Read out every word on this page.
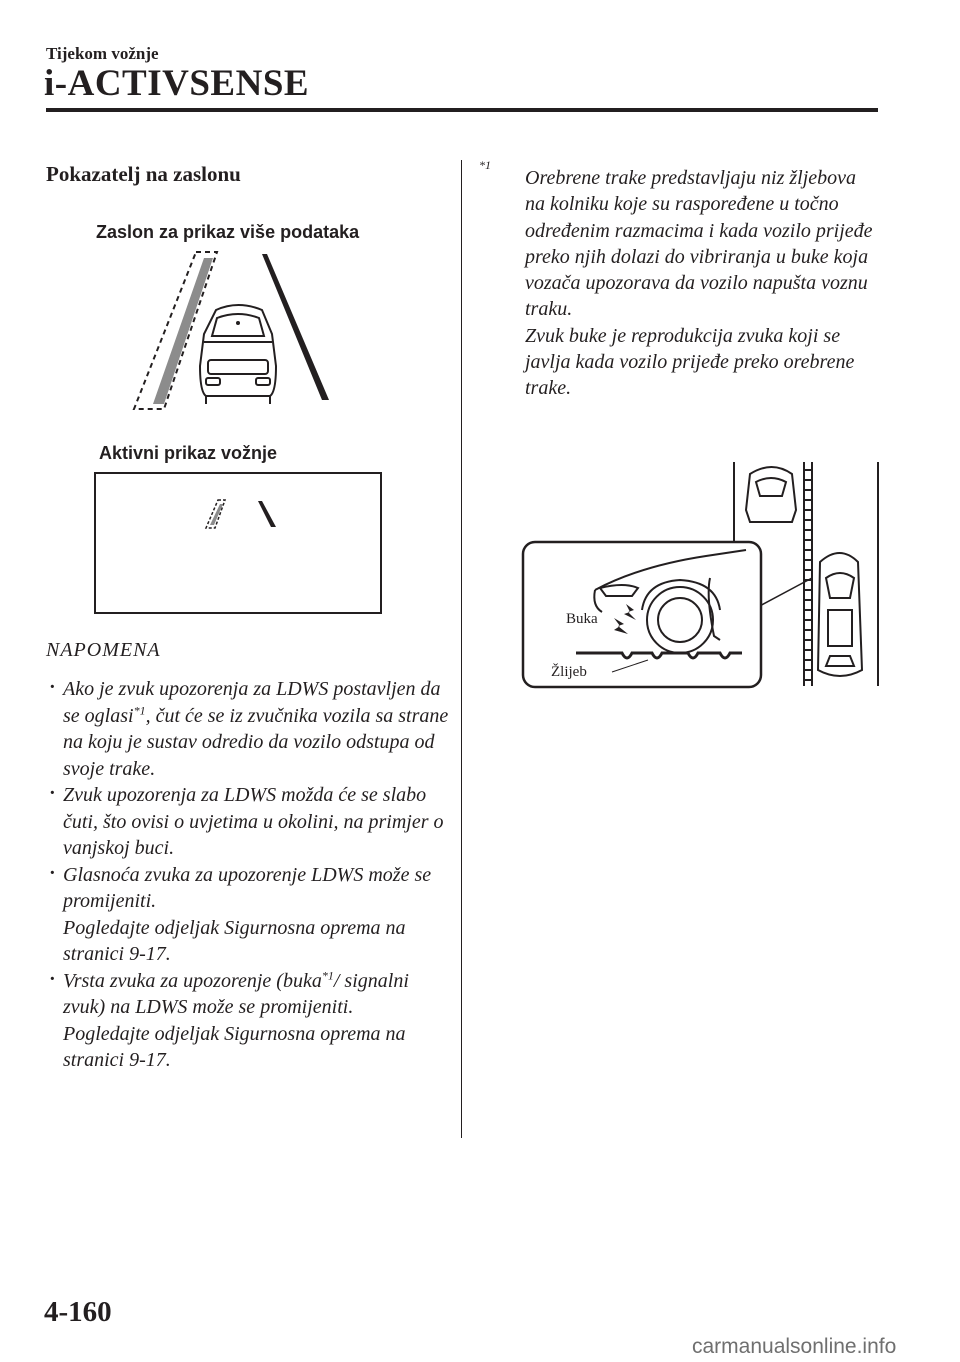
Tijekom vožnje
i-ACTIVSENSE
Pokazatelj na zaslonu
Zaslon za prikaz više podataka
Aktivni prikaz vožnje
NAPOMENA
· Ako je zvuk upozorenja za LDWS postavljen da se oglasi$^{*1}$, čut će se iz zvučnika vozila sa strane na koju je sustav odredio da vozilo odstupa od svoje trake.
· Zvuk upozorenja za LDWS možda će se slabo čuti, što ovisi o uvjetima u okolini, na primjer o vanjskoj buci.
· Glasnoća zvuka za upozorenje LDWS može se promijeniti.
Pogledajte odjeljak Sigurnosna oprema na stranici 9-17.
· Vrsta zvuka za upozorenje (buka$^{*1}$/ signalni zvuk) na LDWS može se promijeniti.
Pogledajte odjeljak Sigurnosna oprema na stranici 9-17.
*1
Orebrene trake predstavljaju niz žljebova na kolniku koje su raspoređene u točno određenim razmacima i kada vozilo prijeđe preko njih dolazi do vibriranja u buke koja vozača upozorava da vozilo napušta voznu traku.
Zvuk buke je reprodukcija zvuka koji se javlja kada vozilo prijeđe preko orebrene trake.
Buka
Žlijeb
4-160
carmanualsonline.info
